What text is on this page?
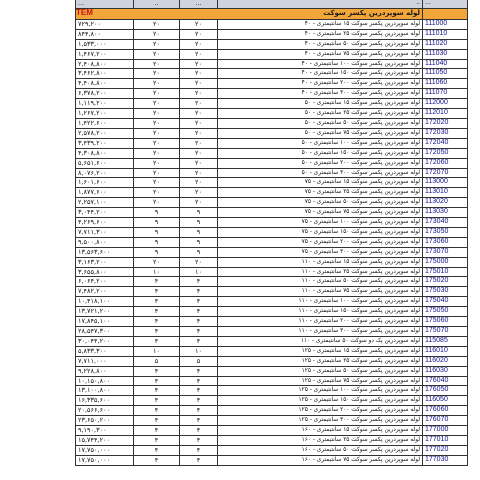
...	..	...	..	...
لوله سوپردرین پکسر سوکت				
۷۲۹,۲۰۰	۲۰	۲۰	لوله سوپردرین پکسر سوکت ۱۵ سانتیمتری - ۴۰	111000
۸۴۴,۸۰۰	۲۰	۲۰	لوله سوپردرین پکسر سوکت ۲۵ سانتیمتری - ۴۰	111010
۱,۵۳۳,۰۰۰	۲۰	۲۰	لوله سوپردرین پکسر سوکت ۵۰ سانتیمتری - ۴۰	111020
۱,۴۶۷,۲۰۰	۲۰	۲۰	لوله سوپردرین پکسر سوکت ۷۵ سانتیمتری - ۴۰	111030
۲,۴۰۸,۸۰۰	۲۰	۲۰	لوله سوپردرین پکسر سوکت ۱۰۰ سانتیمتری - ۴۰	111040
۳,۴۶۲,۸۰۰	۲۰	۲۰	لوله سوپردرین پکسر سوکت ۱۵۰ سانتیمتری - ۴۰	111050
۴,۴۰۸,۸۰۰	۲۰	۲۰	لوله سوپردرین پکسر سوکت ۲۰۰ سانتیمتری - ۴۰	111060
۶,۳۷۸,۲۰۰	۲۰	۲۰	لوله سوپردرین پکسر سوکت ۳۰۰ سانتیمتری - ۴۰	111070
۱,۱۱۹,۲۰۰	۲۰	۲۰	لوله سوپردرین پکسر سوکت ۱۵ سانتیمتری - ۵۰	112000
۱,۲۶۷,۲۰۰	۲۰	۲۰	لوله سوپردرین پکسر سوکت ۲۵ سانتیمتری - ۵۰	112010
۱,۴۲۲,۶۰۰	۲۰	۲۰	لوله سوپردرین پکسر سوکت ۵۰ سانتیمتری - ۵۰	172020
۲,۵۷۸,۲۰۰	۲۰	۲۰	لوله سوپردرین پکسر سوکت ۷۵ سانتیمتری - ۵۰	172030
۳,۴۳۹,۲۰۰	۲۰	۲۰	لوله سوپردرین پکسر سوکت ۱۰۰ سانتیمتری - ۵۰	172040
۴,۳۰۸,۸۰۰	۲۰	۲۰	لوله سوپردرین پکسر سوکت ۱۵۰ سانتیمتری - ۵۰	172050
۵,۶۵۱,۶۰۰	۲۰	۲۰	لوله سوپردرین پکسر سوکت ۲۰۰ سانتیمتری - ۵۰	172060
۸,۰۷۶,۲۰۰	۲۰	۲۰	لوله سوپردرین پکسر سوکت ۳۰۰ سانتیمتری - ۵۰	172070
۱,۶۰۱,۶۰۰	۲۰	۲۰	لوله سوپردرین پکسر سوکت ۱۵ سانتیمتری - ۷۵	113000
۱,۸۷۷,۶۰۰	۲۰	۲۰	لوله سوپردرین پکسر سوکت ۲۵ سانتیمتری - ۷۵	113010
۲,۲۵۷,۱۰۰	۲۰	۲۰	لوله سوپردرین پکسر سوکت ۵۰ سانتیمتری - ۷۵	113020
۳,۰۴۴,۲۰۰	۹	۹	لوله سوپردرین پکسر سوکت ۷۵ سانتیمتری - ۷۵	113030
۴,۲۶۹,۶۰۰	۹	۹	لوله سوپردرین پکسر سوکت ۱۰۰ سانتیمتری - ۷۵	173040
۷,۷۱۱,۳۰۰	۹	۹	لوله سوپردرین پکسر سوکت ۱۵۰ سانتیمتری - ۷۵	173050
۹,۵۰۰,۸۰۰	۹	۹	لوله سوپردرین پکسر سوکت ۲۰۰ سانتیمتری - ۷۵	173060
۱۳,۵۶۳,۶۰۰	۹	۹	لوله سوپردرین پکسر سوکت ۳۰۰ سانتیمتری - ۷۵	173070
۳,۱۶۳,۲۰۰	۲۰	۲۰	لوله سوپردرین پکسر سوکت ۱۵ سانتیمتری - ۱۱۰	175000
۳,۶۵۵,۸۰۰	۱۰	۱۰	لوله سوپردرین پکسر سوکت ۲۵ سانتیمتری - ۱۱۰	175010
۶,۰۶۴,۲۰۰	۴	۴	لوله سوپردرین پکسر سوکت ۵۰ سانتیمتری - ۱۱۰	175020
۷,۴۸۲,۲۰۰	۴	۴	لوله سوپردرین پکسر سوکت ۷۵ سانتیمتری - ۱۱۰	175030
۱۰,۴۱۸,۱۰۰	۴	۴	لوله سوپردرین پکسر سوکت ۱۰۰ سانتیمتری - ۱۱۰	175040
۱۳,۷۲۱,۲۰۰	۴	۴	لوله سوپردرین پکسر سوکت ۱۵۰ سانتیمتری - ۱۱۰	175050
۱۷,۸۴۵,۱۰۰	۴	۴	لوله سوپردرین پکسر سوکت ۲۰۰ سانتیمتری - ۱۱۰	175060
۲۸,۵۴۷,۳۰۰	۴	۴	لوله سوپردرین پکسر سوکت ۳۰۰ سانتیمتری - ۱۱۰	175070
۳۰,۰۴۴,۲۰۰	۴	۴	لوله سوپردرین پک دو سوکت ۵۰ سانتیمتری - ۱۱۰	115085
۵,۸۳۳,۳۰۰	۱۰	۱۰	لوله سوپردرین پکسر سوکت ۱۵ سانتیمتری - ۱۲۵	116010
۷,۷۱۱,۰۰۰	۵	۵	لوله سوپردرین پکسر سوکت ۲۵ سانتیمتری - ۱۲۵	116020
۹,۲۲۸,۸۰۰	۴	۴	لوله سوپردرین پکسر سوکت ۵۰ سانتیمتری - ۱۲۵	116030
۱۰,۱۵۰,۸۰۰	۴	۴	لوله سوپردرین پکسر سوکت ۷۵ سانتیمتری - ۱۲۵	176040
۱۳,۱۰۰,۸۰۰	۴	۴	لوله سوپردرین پکسر سوکت ۱۰۰ سانتیمتری - ۱۲۵	176050
۱۶,۳۳۵,۶۰۰	۴	۴	لوله سوپردرین پکسر سوکت ۱۵۰ سانتیمتری - ۱۲۵	116050
۲۰,۵۶۶,۶۰۰	۴	۴	لوله سوپردرین پکسر سوکت ۲۰۰ سانتیمتری - ۱۲۵	176060
۲۳,۶۵۰,۲۰۰	۴	۴	لوله سوپردرین پکسر سوکت ۳۰۰ سانتیمتری - ۱۲۵	176070
۹,۱۹۰,۳۰۰	۴	۴	لوله سوپردرین پکسر سوکت ۱۵ سانتیمتری - ۱۶۰	177000
۱۵,۷۴۴,۲۰۰	۴	۴	لوله سوپردرین پکسر سوکت ۲۵ سانتیمتری - ۱۶۰	177010
۱۷,۷۵۰,۰۰۰	۴	۴	لوله سوپردرین پکسر سوکت ۵۰ سانتیمتری - ۱۶۰	177020
۱۷,۷۵۰,۰۰۰	۴	۴	لوله سوپردرین پکسر سوکت ۷۵ سانتیمتری - ۱۶۰	177030
TEM
